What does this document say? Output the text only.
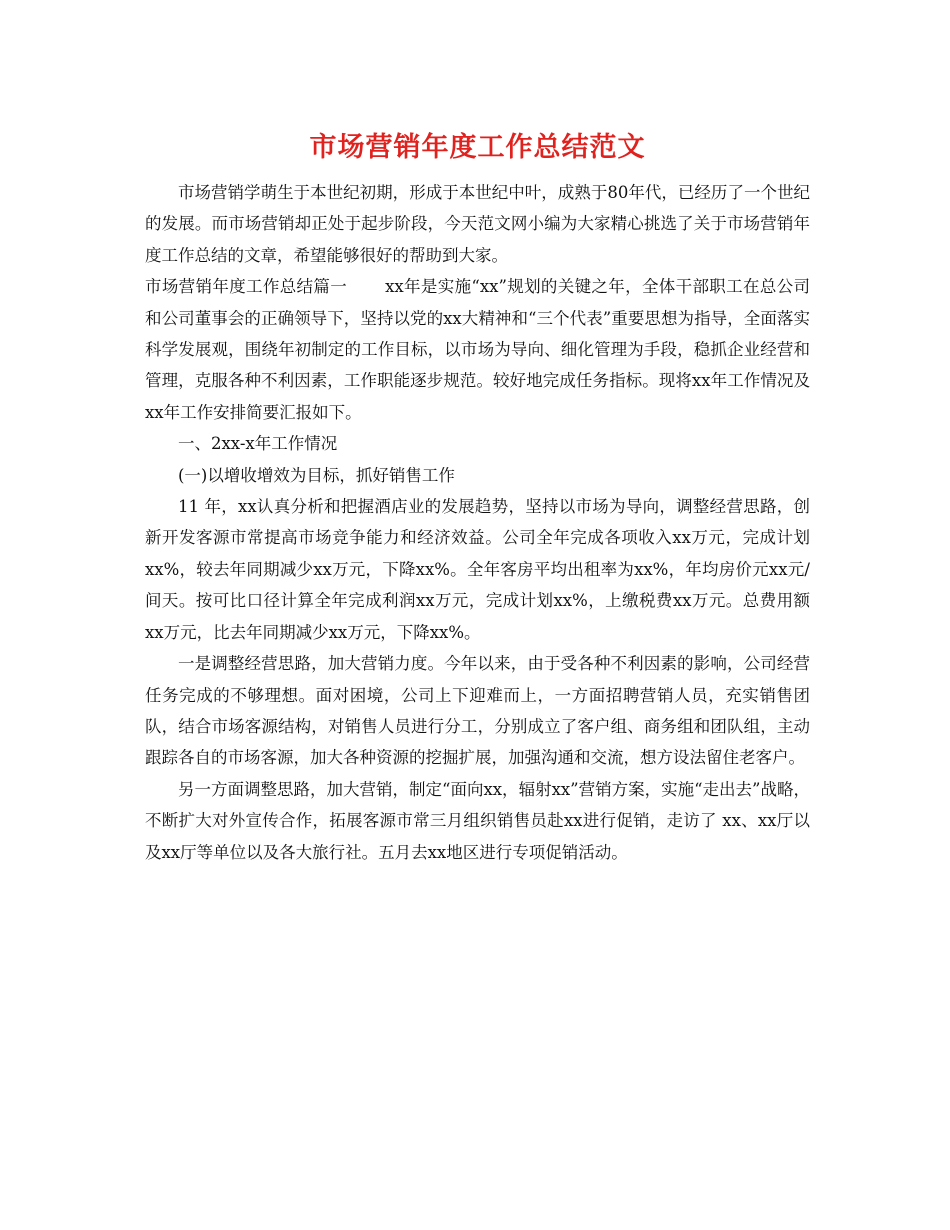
市场营销年度工作总结范文

市场营销学萌生于本世纪初期，形成于本世纪中叶，成熟于80年代，已经历了一个世纪的发展。而市场营销却正处于起步阶段，今天范文网小编为大家精心挑选了关于市场营销年度工作总结的文章，希望能够很好的帮助到大家。

市场营销年度工作总结篇一 xx年是实施“xx”规划的关键之年，全体干部职工在总公司和公司董事会的正确领导下，坚持以党的xx大精神和“三个代表”重要思想为指导，全面落实科学发展观，围绕年初制定的工作目标，以市场为导向、细化管理为手段，稳抓企业经营和管理，克服各种不利因素，工作职能逐步规范。较好地完成任务指标。现将xx年工作情况及xx年工作安排简要汇报如下。

一、2xx-x年工作情况

(一)以增收增效为目标，抓好销售工作

11 年，xx认真分析和把握酒店业的发展趋势，坚持以市场为导向，调整经营思路，创新开发客源市常提高市场竞争能力和经济效益。公司全年完成各项收入xx万元，完成计划xx%，较去年同期减少xx万元，下降xx%。全年客房平均出租率为xx%，年均房价元xx元/间天。按可比口径计算全年完成利润xx万元，完成计划xx%，上缴税费xx万元。总费用额xx万元，比去年同期减少xx万元，下降xx%。

一是调整经营思路，加大营销力度。今年以来，由于受各种不利因素的影响，公司经营任务完成的不够理想。面对困境，公司上下迎难而上，一方面招聘营销人员，充实销售团队，结合市场客源结构，对销售人员进行分工，分别成立了客户组、商务组和团队组，主动跟踪各自的市场客源，加大各种资源的挖掘扩展，加强沟通和交流，想方设法留住老客户。

另一方面调整思路，加大营销，制定“面向xx，辐射xx”营销方案，实施“走出去”战略，不断扩大对外宣传合作，拓展客源市常三月组织销售员赴xx进行促销，走访了 xx、xx厅以及xx厅等单位以及各大旅行社。五月去xx地区进行专项促销活动。
